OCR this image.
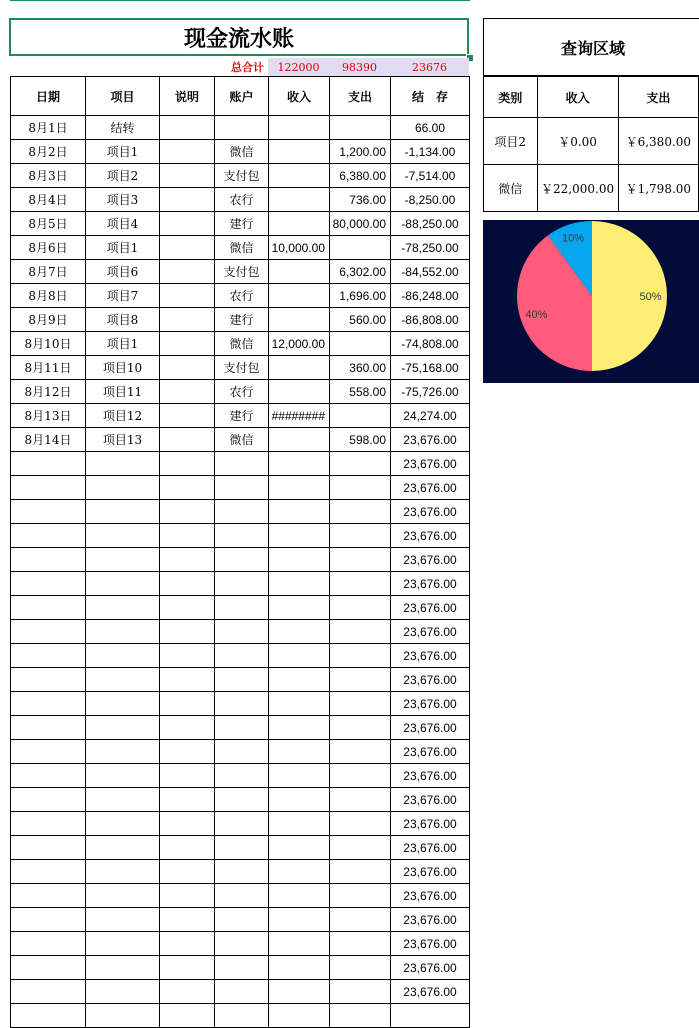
现金流水账
总合计 122000 98390	23676
日期	项目	说明	账户	收入	支出	结　存
8月1日	结转					66.00
8月2日	项目1		微信		1,200.00	-1,134.00
8月3日	项目2		支付包		6,380.00	-7,514.00
8月4日	项目3		农行		736.00	-8,250.00
8月5日	项目4		建行		80,000.00	-88,250.00
8月6日	项目1		微信	10,000.00		-78,250.00
8月7日	项目6		支付包		6,302.00	-84,552.00
8月8日	项目7		农行		1,696.00	-86,248.00
8月9日	项目8		建行		560.00	-86,808.00
8月10日	项目1		微信	12,000.00		-74,808.00
8月11日	项目10		支付包		360.00	-75,168.00
8月12日	项目11		农行		558.00	-75,726.00
8月13日	项目12		建行	########		24,274.00
8月14日	项目13		微信		598.00	23,676.00
						23,676.00
						23,676.00
						23,676.00
						23,676.00
						23,676.00
						23,676.00
						23,676.00
						23,676.00
						23,676.00
						23,676.00
						23,676.00
						23,676.00
						23,676.00
						23,676.00
						23,676.00
						23,676.00
						23,676.00
						23,676.00
						23,676.00
						23,676.00
						23,676.00
						23,676.00
						23,676.00

查询区域
类别	收入	支出
项目2	￥0.00	￥6,380.00
微信	￥22,000.00	￥1,798.00
50%
40%
10%
